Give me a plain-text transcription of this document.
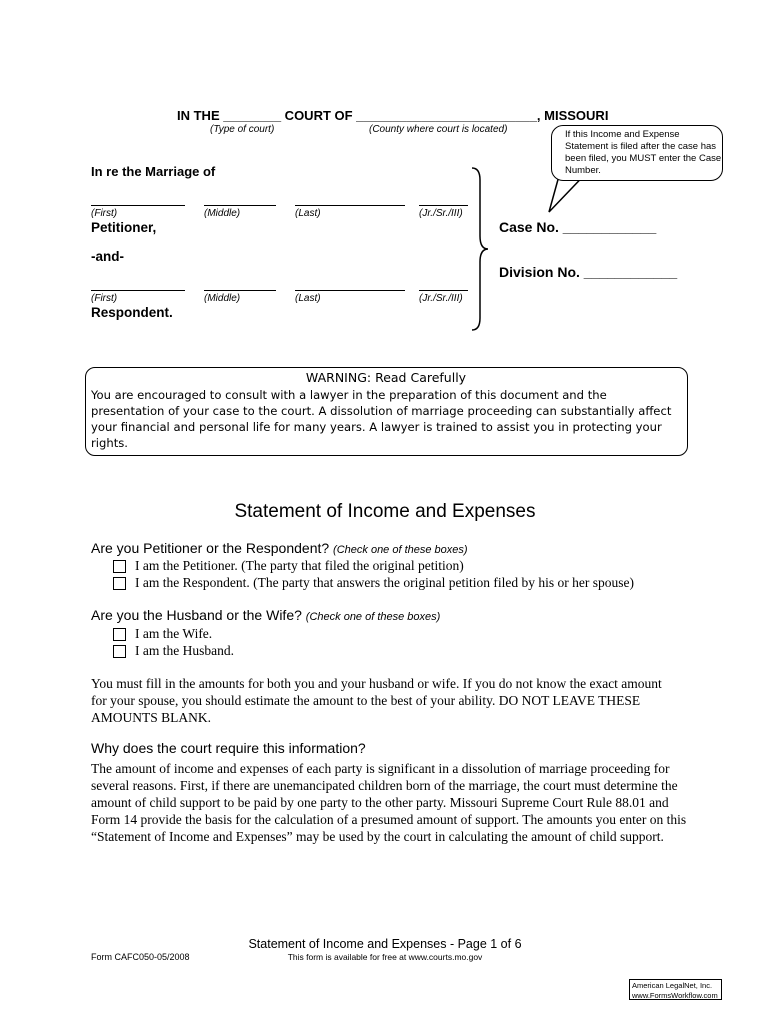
IN THE ________ COURT OF _________________________, MISSOURI
(Type of court)	(County where court is located)	If this Income and Expense Statement is filed after the case has been filed, you MUST enter the Case Number.
In re the Marriage of
(First)	(Middle)	(Last)	(Jr./Sr./III)
Petitioner,
-and-
(First)	(Middle)	(Last)	(Jr./Sr./III)
Respondent.
Case No. ____________
Division No. ____________
WARNING: Read Carefully
You are encouraged to consult with a lawyer in the preparation of this document and the presentation of your case to the court. A dissolution of marriage proceeding can substantially affect your financial and personal life for many years. A lawyer is trained to assist you in protecting your rights.
Statement of Income and Expenses
Are you Petitioner or the Respondent? (Check one of these boxes)
I am the Petitioner. (The party that filed the original petition)
I am the Respondent. (The party that answers the original petition filed by his or her spouse)
Are you the Husband or the Wife? (Check one of these boxes)
I am the Wife.
I am the Husband.
You must fill in the amounts for both you and your husband or wife. If you do not know the exact amount for your spouse, you should estimate the amount to the best of your ability. DO NOT LEAVE THESE AMOUNTS BLANK.
Why does the court require this information?
The amount of income and expenses of each party is significant in a dissolution of marriage proceeding for several reasons. First, if there are unemancipated children born of the marriage, the court must determine the amount of child support to be paid by one party to the other party. Missouri Supreme Court Rule 88.01 and Form 14 provide the basis for the calculation of a presumed amount of support. The amounts you enter on this “Statement of Income and Expenses” may be used by the court in calculating the amount of child support.
Statement of Income and Expenses - Page 1 of 6
Form CAFC050-05/2008	This form is available for free at www.courts.mo.gov
American LegalNet, Inc.
www.FormsWorkflow.com
